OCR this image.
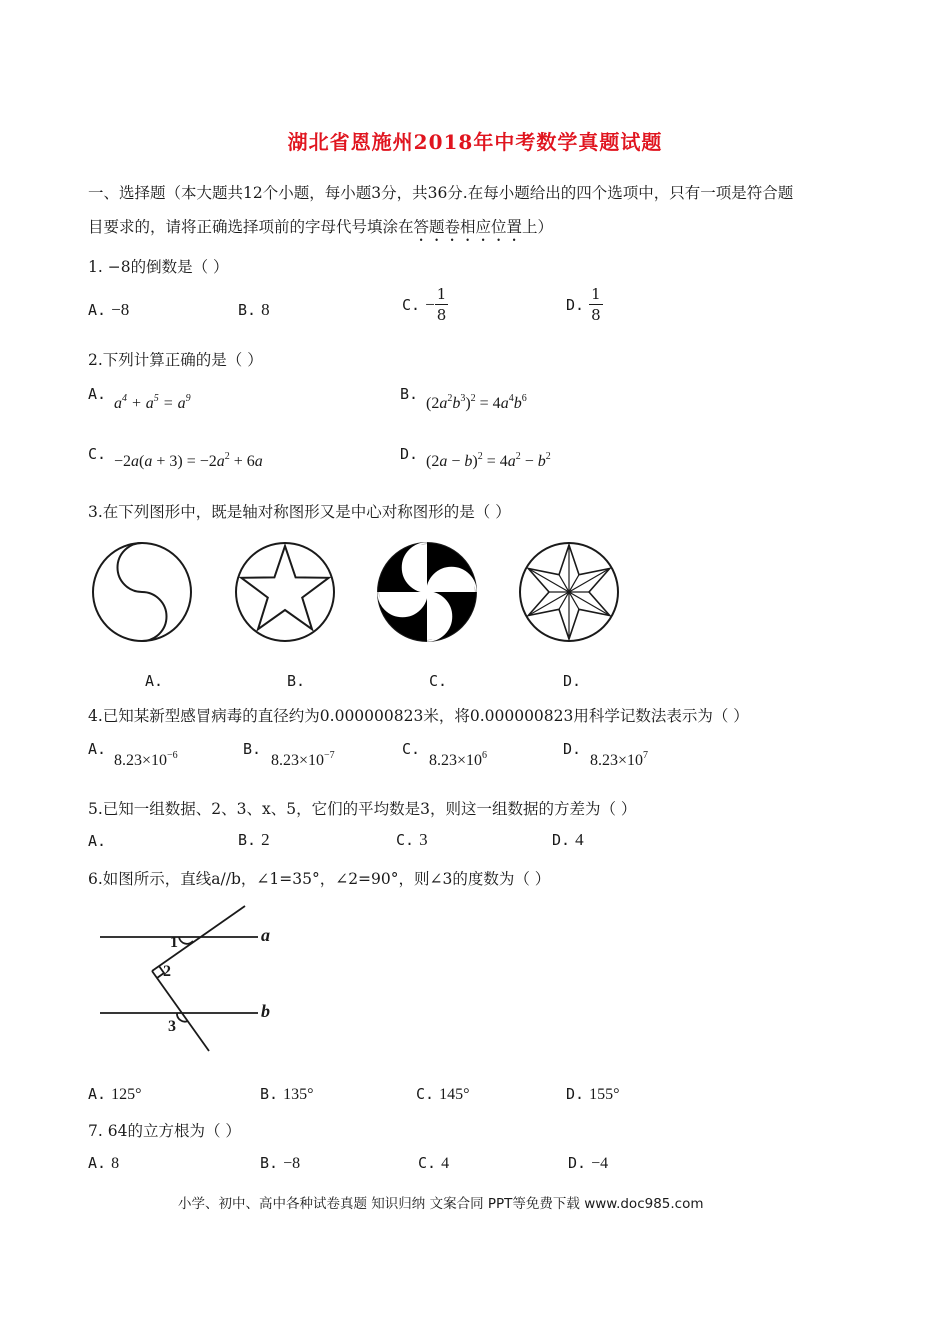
湖北省恩施州2018年中考数学真题试题
一、选择题（本大题共12个小题，每小题3分，共36分.在每小题给出的四个选项中，只有一项是符合题
目要求的，请将正确选择项前的字母代号填涂在答题卷相应位置上）
1. −8的倒数是（ ）
A. −8	B. 8	C. − $\frac{1}{8}$	D. $\frac{1}{8}$
2.下列计算正确的是（ ）
A.
$a^4 + a^5 = a^9$	B.
$(2a^2b^3)^2 = 4a^4b^6$
C. $-2a(a + 3) = -2a^2 + 6a$	D. $(2a - b)^2 = 4a^2 - b^2$
3.在下列图形中，既是轴对称图形又是中心对称图形的是（ ）
A.	B.	C.	D.
4.已知某新型感冒病毒的直径约为0.000000823米，将0.000000823用科学记数法表示为（ ）
A.
$8.23\times 10^{-6}$	B.
$8.23\times 10^{-7}$	C.
$8.23\times 10^6$	D.
$8.23\times 10^7$
5.已知一组数据、2、3、x、5，它们的平均数是3，则这一组数据的方差为（ ）
A.	B. 2	C. 3	D. 4
6.如图所示，直线a//b，∠1=35°，∠2=90°，则∠3的度数为（ ）
a
b
1
2
3
A. 125°	B. 135°	C. 145°	D. 155°
7. 64的立方根为（ ）
A. 8	B. −8	C. 4	D. −4
小学、初中、高中各种试卷真题 知识归纳 文案合同 PPT等免费下载 www.doc985.com
